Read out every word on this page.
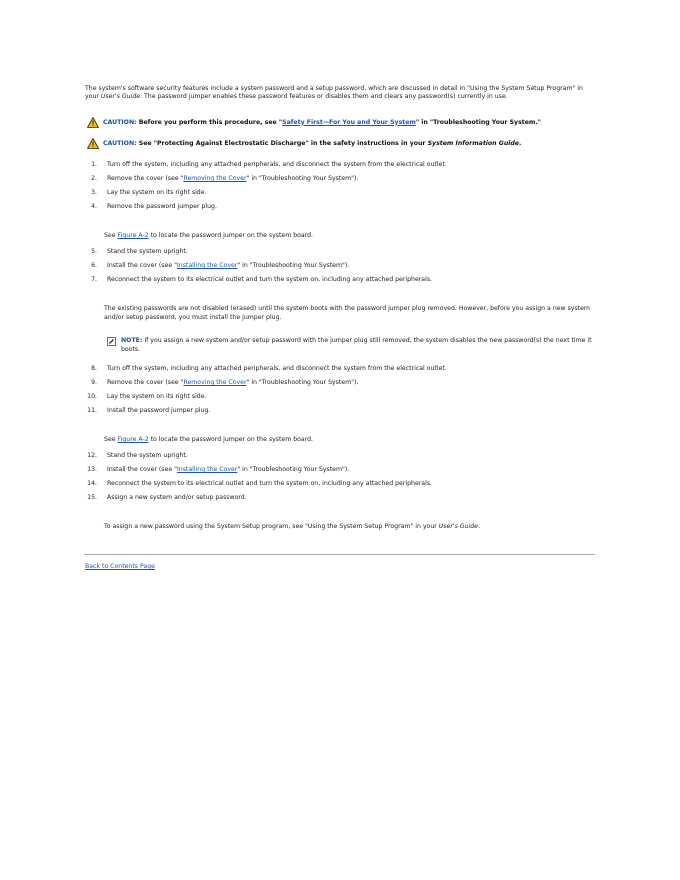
The system's software security features include a system password and a setup password, which are discussed in detail in "Using the System Setup Program" in your User's Guide. The password jumper enables these password features or disables them and clears any password(s) currently in use.

CAUTION: Before you perform this procedure, see "Safety First—For You and Your System" in "Troubleshooting Your System."
CAUTION: See "Protecting Against Electrostatic Discharge" in the safety instructions in your System Information Guide.
1. Turn off the system, including any attached peripherals, and disconnect the system from the electrical outlet.
2. Remove the cover (see "Removing the Cover" in "Troubleshooting Your System").
3. Lay the system on its right side.
4. Remove the password jumper plug.

See Figure A-2 to locate the password jumper on the system board.

5. Stand the system upright.
6. Install the cover (see "Installing the Cover" in "Troubleshooting Your System").
7. Reconnect the system to its electrical outlet and turn the system on, including any attached peripherals.

The existing passwords are not disabled (erased) until the system boots with the password jumper plug removed. However, before you assign a new system and/or setup password, you must install the jumper plug.

NOTE: If you assign a new system and/or setup password with the jumper plug still removed, the system disables the new password(s) the next time it boots.
8. Turn off the system, including any attached peripherals, and disconnect the system from the electrical outlet.
9. Remove the cover (see "Removing the Cover" in "Troubleshooting Your System").
10. Lay the system on its right side.
11. Install the password jumper plug.

See Figure A-2 to locate the password jumper on the system board.

12. Stand the system upright.
13. Install the cover (see "Installing the Cover" in "Troubleshooting Your System").
14. Reconnect the system to its electrical outlet and turn the system on, including any attached peripherals.
15. Assign a new system and/or setup password.

To assign a new password using the System Setup program, see "Using the System Setup Program" in your User's Guide.

Back to Contents Page
